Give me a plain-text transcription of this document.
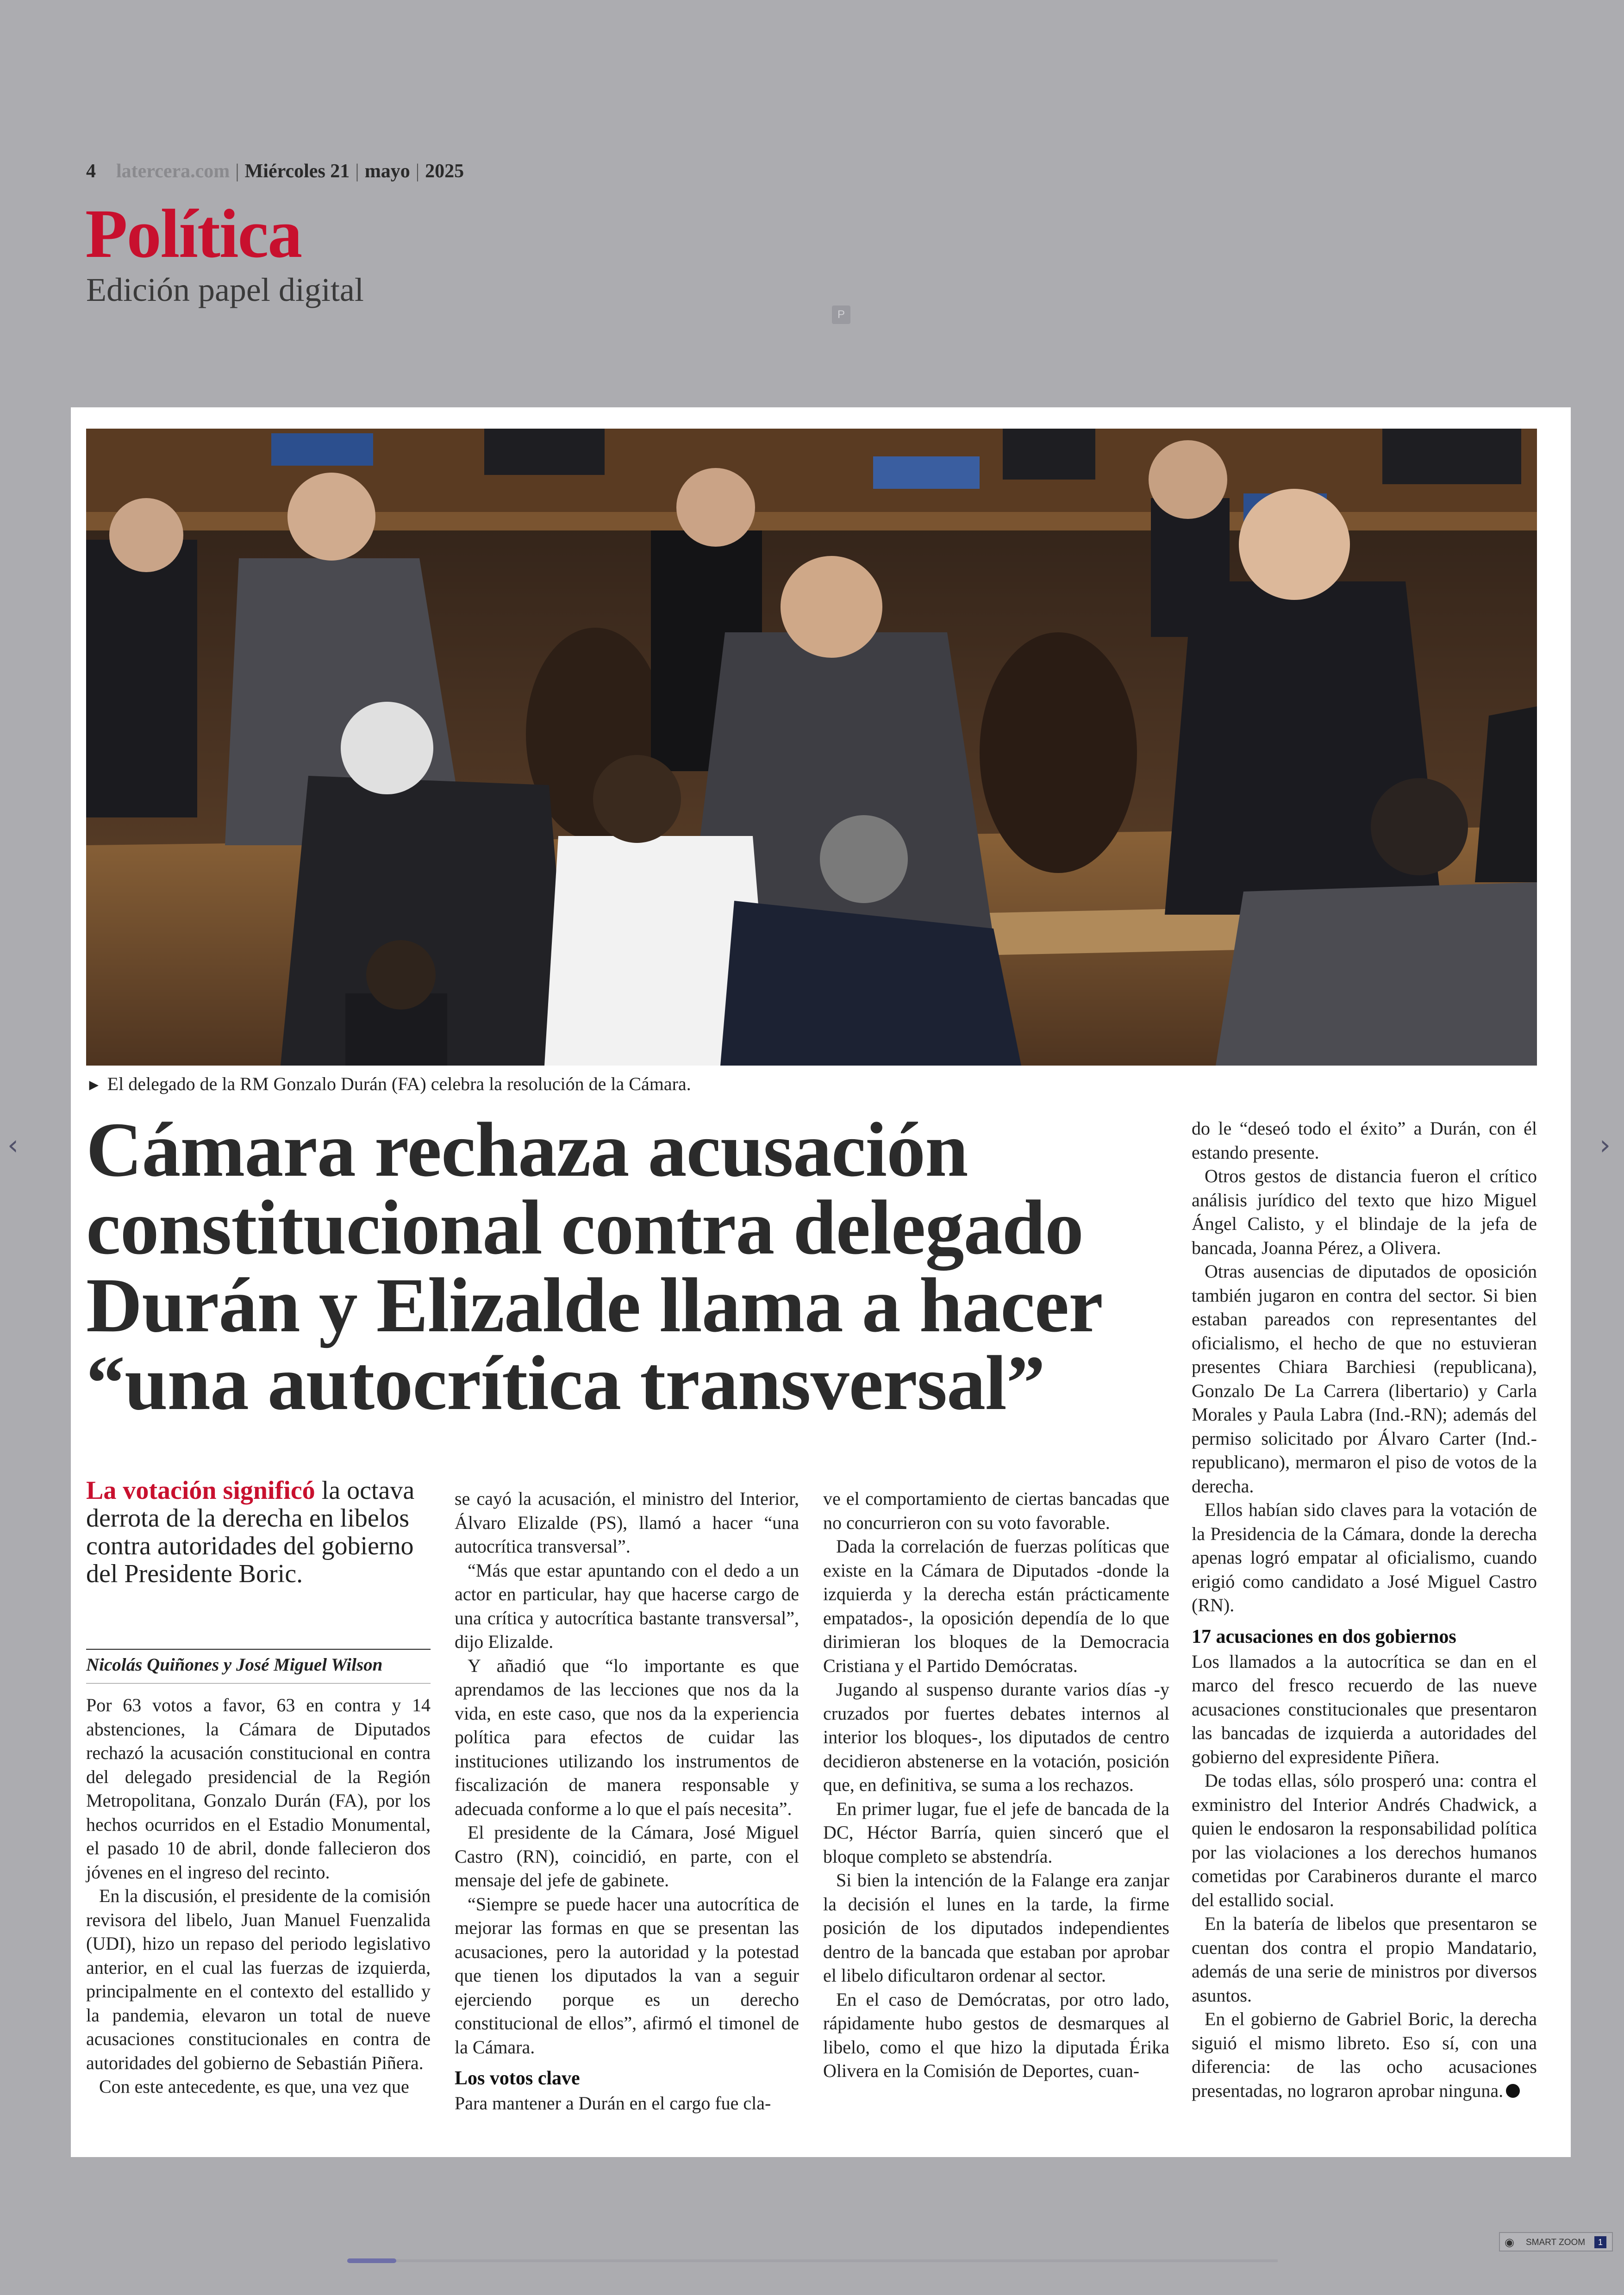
4 latercera.com | Miércoles 21 | mayo | 2025
Política
Edición papel digital
P
► El delegado de la RM Gonzalo Durán (FA) celebra la resolución de la Cámara.
Cámara rechaza acusación
constitucional contra delegado
Durán y Elizalde llama a hacer
“una autocrítica transversal”
La votación significó la octava derrota de la derecha en libelos contra autoridades del gobierno del Presidente Boric.
Nicolás Quiñones y José Miguel Wilson

Por 63 votos a favor, 63 en contra y 14 abstenciones, la Cámara de Diputados rechazó la acusación constitucional en contra del delegado presidencial de la Región Metropolitana, Gonzalo Durán (FA), por los hechos ocurridos en el Estadio Monumental, el pasado 10 de abril, donde fallecieron dos jóvenes en el ingreso del recinto.

En la discusión, el presidente de la comisión revisora del libelo, Juan Manuel Fuenzalida (UDI), hizo un repaso del periodo legislativo anterior, en el cual las fuerzas de izquierda, principalmente en el contexto del estallido y la pandemia, elevaron un total de nueve acusaciones constitucionales en contra de autoridades del gobierno de Sebastián Piñera.

Con este antecedente, es que, una vez que

se cayó la acusación, el ministro del Interior, Álvaro Elizalde (PS), llamó a hacer “una autocrítica transversal”.

“Más que estar apuntando con el dedo a un actor en particular, hay que hacerse cargo de una crítica y autocrítica bastante transversal”, dijo Elizalde.

Y añadió que “lo importante es que aprendamos de las lecciones que nos da la vida, en este caso, que nos da la experiencia política para efectos de cuidar las instituciones utilizando los instrumentos de fiscalización de manera responsable y adecuada conforme a lo que el país necesita”.

El presidente de la Cámara, José Miguel Castro (RN), coincidió, en parte, con el mensaje del jefe de gabinete.

“Siempre se puede hacer una autocrítica de mejorar las formas en que se presentan las acusaciones, pero la autoridad y la potestad que tienen los diputados la van a seguir ejerciendo porque es un derecho constitucional de ellos”, afirmó el timonel de la Cámara.

Los votos clave

Para mantener a Durán en el cargo fue cla-

ve el comportamiento de ciertas bancadas que no concurrieron con su voto favorable.

Dada la correlación de fuerzas políticas que existe en la Cámara de Diputados -donde la izquierda y la derecha están prácticamente empatados-, la oposición dependía de lo que dirimieran los bloques de la Democracia Cristiana y el Partido Demócratas.

Jugando al suspenso durante varios días -y cruzados por fuertes debates internos al interior los bloques-, los diputados de centro decidieron abstenerse en la votación, posición que, en definitiva, se suma a los rechazos.

En primer lugar, fue el jefe de bancada de la DC, Héctor Barría, quien sinceró que el bloque completo se abstendría.

Si bien la intención de la Falange era zanjar la decisión el lunes en la tarde, la firme posición de los diputados independientes dentro de la bancada que estaban por aprobar el libelo dificultaron ordenar al sector.

En el caso de Demócratas, por otro lado, rápidamente hubo gestos de desmarques al libelo, como el que hizo la diputada Érika Olivera en la Comisión de Deportes, cuan-

do le “deseó todo el éxito” a Durán, con él estando presente.

Otros gestos de distancia fueron el crítico análisis jurídico del texto que hizo Miguel Ángel Calisto, y el blindaje de la jefa de bancada, Joanna Pérez, a Olivera.

Otras ausencias de diputados de oposición también jugaron en contra del sector. Si bien estaban pareados con representantes del oficialismo, el hecho de que no estuvieran presentes Chiara Barchiesi (republicana), Gonzalo De La Carrera (libertario) y Carla Morales y Paula Labra (Ind.-RN); además del permiso solicitado por Álvaro Carter (Ind.-republicano), mermaron el piso de votos de la derecha.

Ellos habían sido claves para la votación de la Presidencia de la Cámara, donde la derecha apenas logró empatar al oficialismo, cuando erigió como candidato a José Miguel Castro (RN).

17 acusaciones en dos gobiernos

Los llamados a la autocrítica se dan en el marco del fresco recuerdo de las nueve acusaciones constitucionales que presentaron las bancadas de izquierda a autoridades del gobierno del expresidente Piñera.

De todas ellas, sólo prosperó una: contra el exministro del Interior Andrés Chadwick, a quien le endosaron la responsabilidad política por las violaciones a los derechos humanos cometidas por Carabineros durante el marco del estallido social.

En la batería de libelos que presentaron se cuentan dos contra el propio Mandatario, además de una serie de ministros por diversos asuntos.

En el gobierno de Gabriel Boric, la derecha siguió el mismo libreto. Eso sí, con una diferencia: de las ocho acusaciones presentadas, no lograron aprobar ninguna.

‹	›
◉ SMART ZOOM	1
